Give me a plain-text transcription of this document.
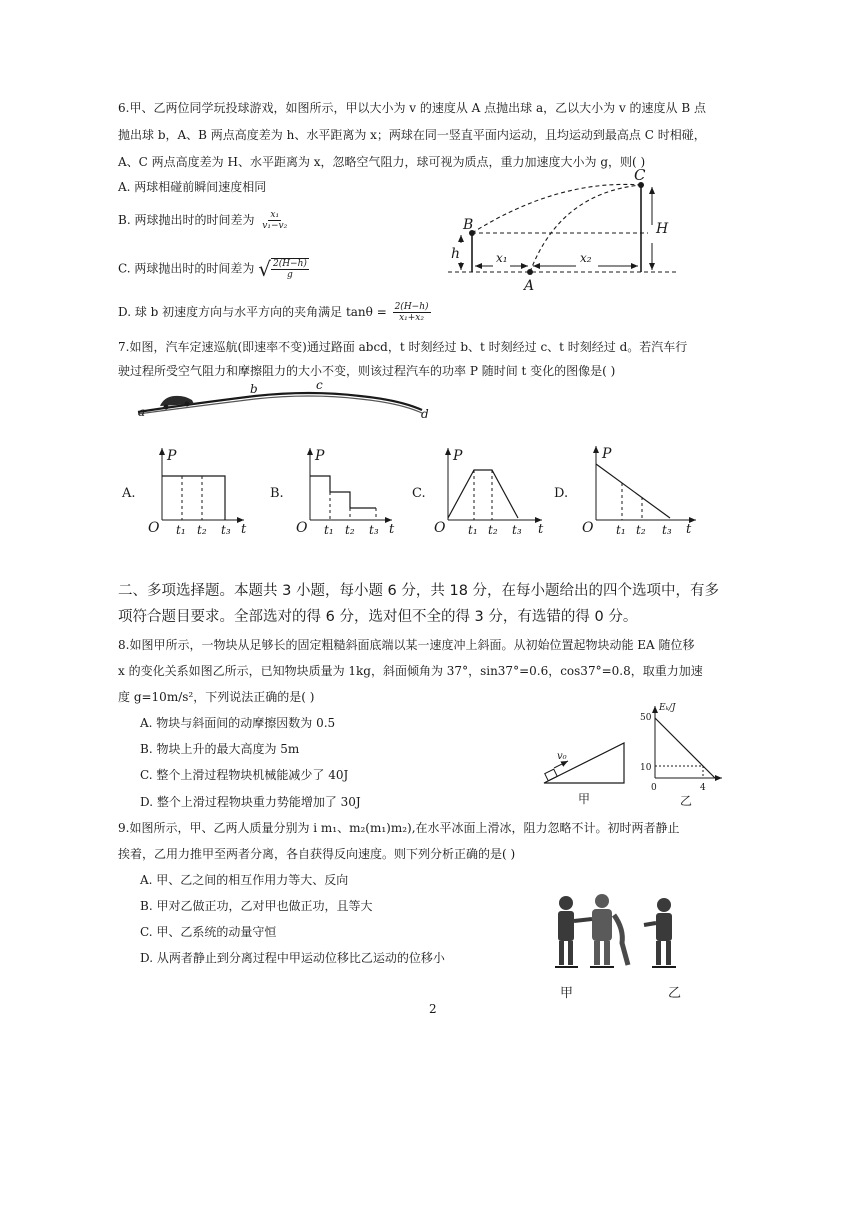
6.甲、乙两位同学玩投球游戏，如图所示，甲以大小为 v 的速度从 A 点抛出球 a，乙以大小为 v 的速度从 B 点
抛出球 b，A、B 两点高度差为 h、水平距离为 x；两球在同一竖直平面内运动，且均运动到最高点 C 时相碰，
A、C 两点高度差为 H、水平距离为 x，忽略空气阻力，球可视为质点，重力加速度大小为 g，则( )
A. 两球相碰前瞬间速度相同
B. 两球抛出时的时间差为 $\frac{\text{x₁}}{\text{v₁−v₂}}$
C. 两球抛出时的时间差为 √ $\frac{2(H-h)}{g}$
D. 球 b 初速度方向与水平方向的夹角满足 $\tan\theta = \frac{2(H-h)}{\text{x₁+x₂}}$
C
B
A
H
h	x₁	x₂
7.如图，汽车定速巡航(即速率不变)通过路面 abcd，t 时刻经过 b、t 时刻经过 c、t 时刻经过 d。若汽车行
驶过程所受空气阻力和摩擦阻力的大小不变，则该过程汽车的功率 P 随时间 t 变化的图像是( )
a
b	c
d
A.
P
O t₁ t₂ t₃ t
B.
P
O t₁ t₂ t₃ t
C.
P
O t₁ t₂ t₃ t
D.
P
O t₁ t₂ t₃ t
二、多项选择题。本题共 3 小题，每小题 6 分，共 18 分，在每小题给出的四个选项中，有多
项符合题目要求。全部选对的得 6 分，选对但不全的得 3 分，有选错的得 0 分。
8.如图甲所示，一物块从足够长的固定粗糙斜面底端以某一速度冲上斜面。从初始位置起物块动能 EA 随位移
x 的变化关系如图乙所示，已知物块质量为 1kg，斜面倾角为 37°，sin37°=0.6，cos37°=0.8，取重力加速
度 g=10m/s²，下列说法正确的是( )
A. 物块与斜面间的动摩擦因数为 0.5
B. 物块上升的最大高度为 5m
C. 整个上滑过程物块机械能减少了 40J
D. 整个上滑过程物块重力势能增加了 30J
v₀
甲
Eₖ/J
50
10
0	4
乙
9.如图所示，甲、乙两人质量分别为 i m₁、m₂(m₁)m₂),在水平冰面上滑冰，阻力忽略不计。初时两者静止
挨着，乙用力推甲至两者分离，各自获得反向速度。则下列分析正确的是( )
A. 甲、乙之间的相互作用力等大、反向
B. 甲对乙做正功，乙对甲也做正功，且等大
C. 甲、乙系统的动量守恒
D. 从两者静止到分离过程中甲运动位移比乙运动的位移小
甲	乙
2
